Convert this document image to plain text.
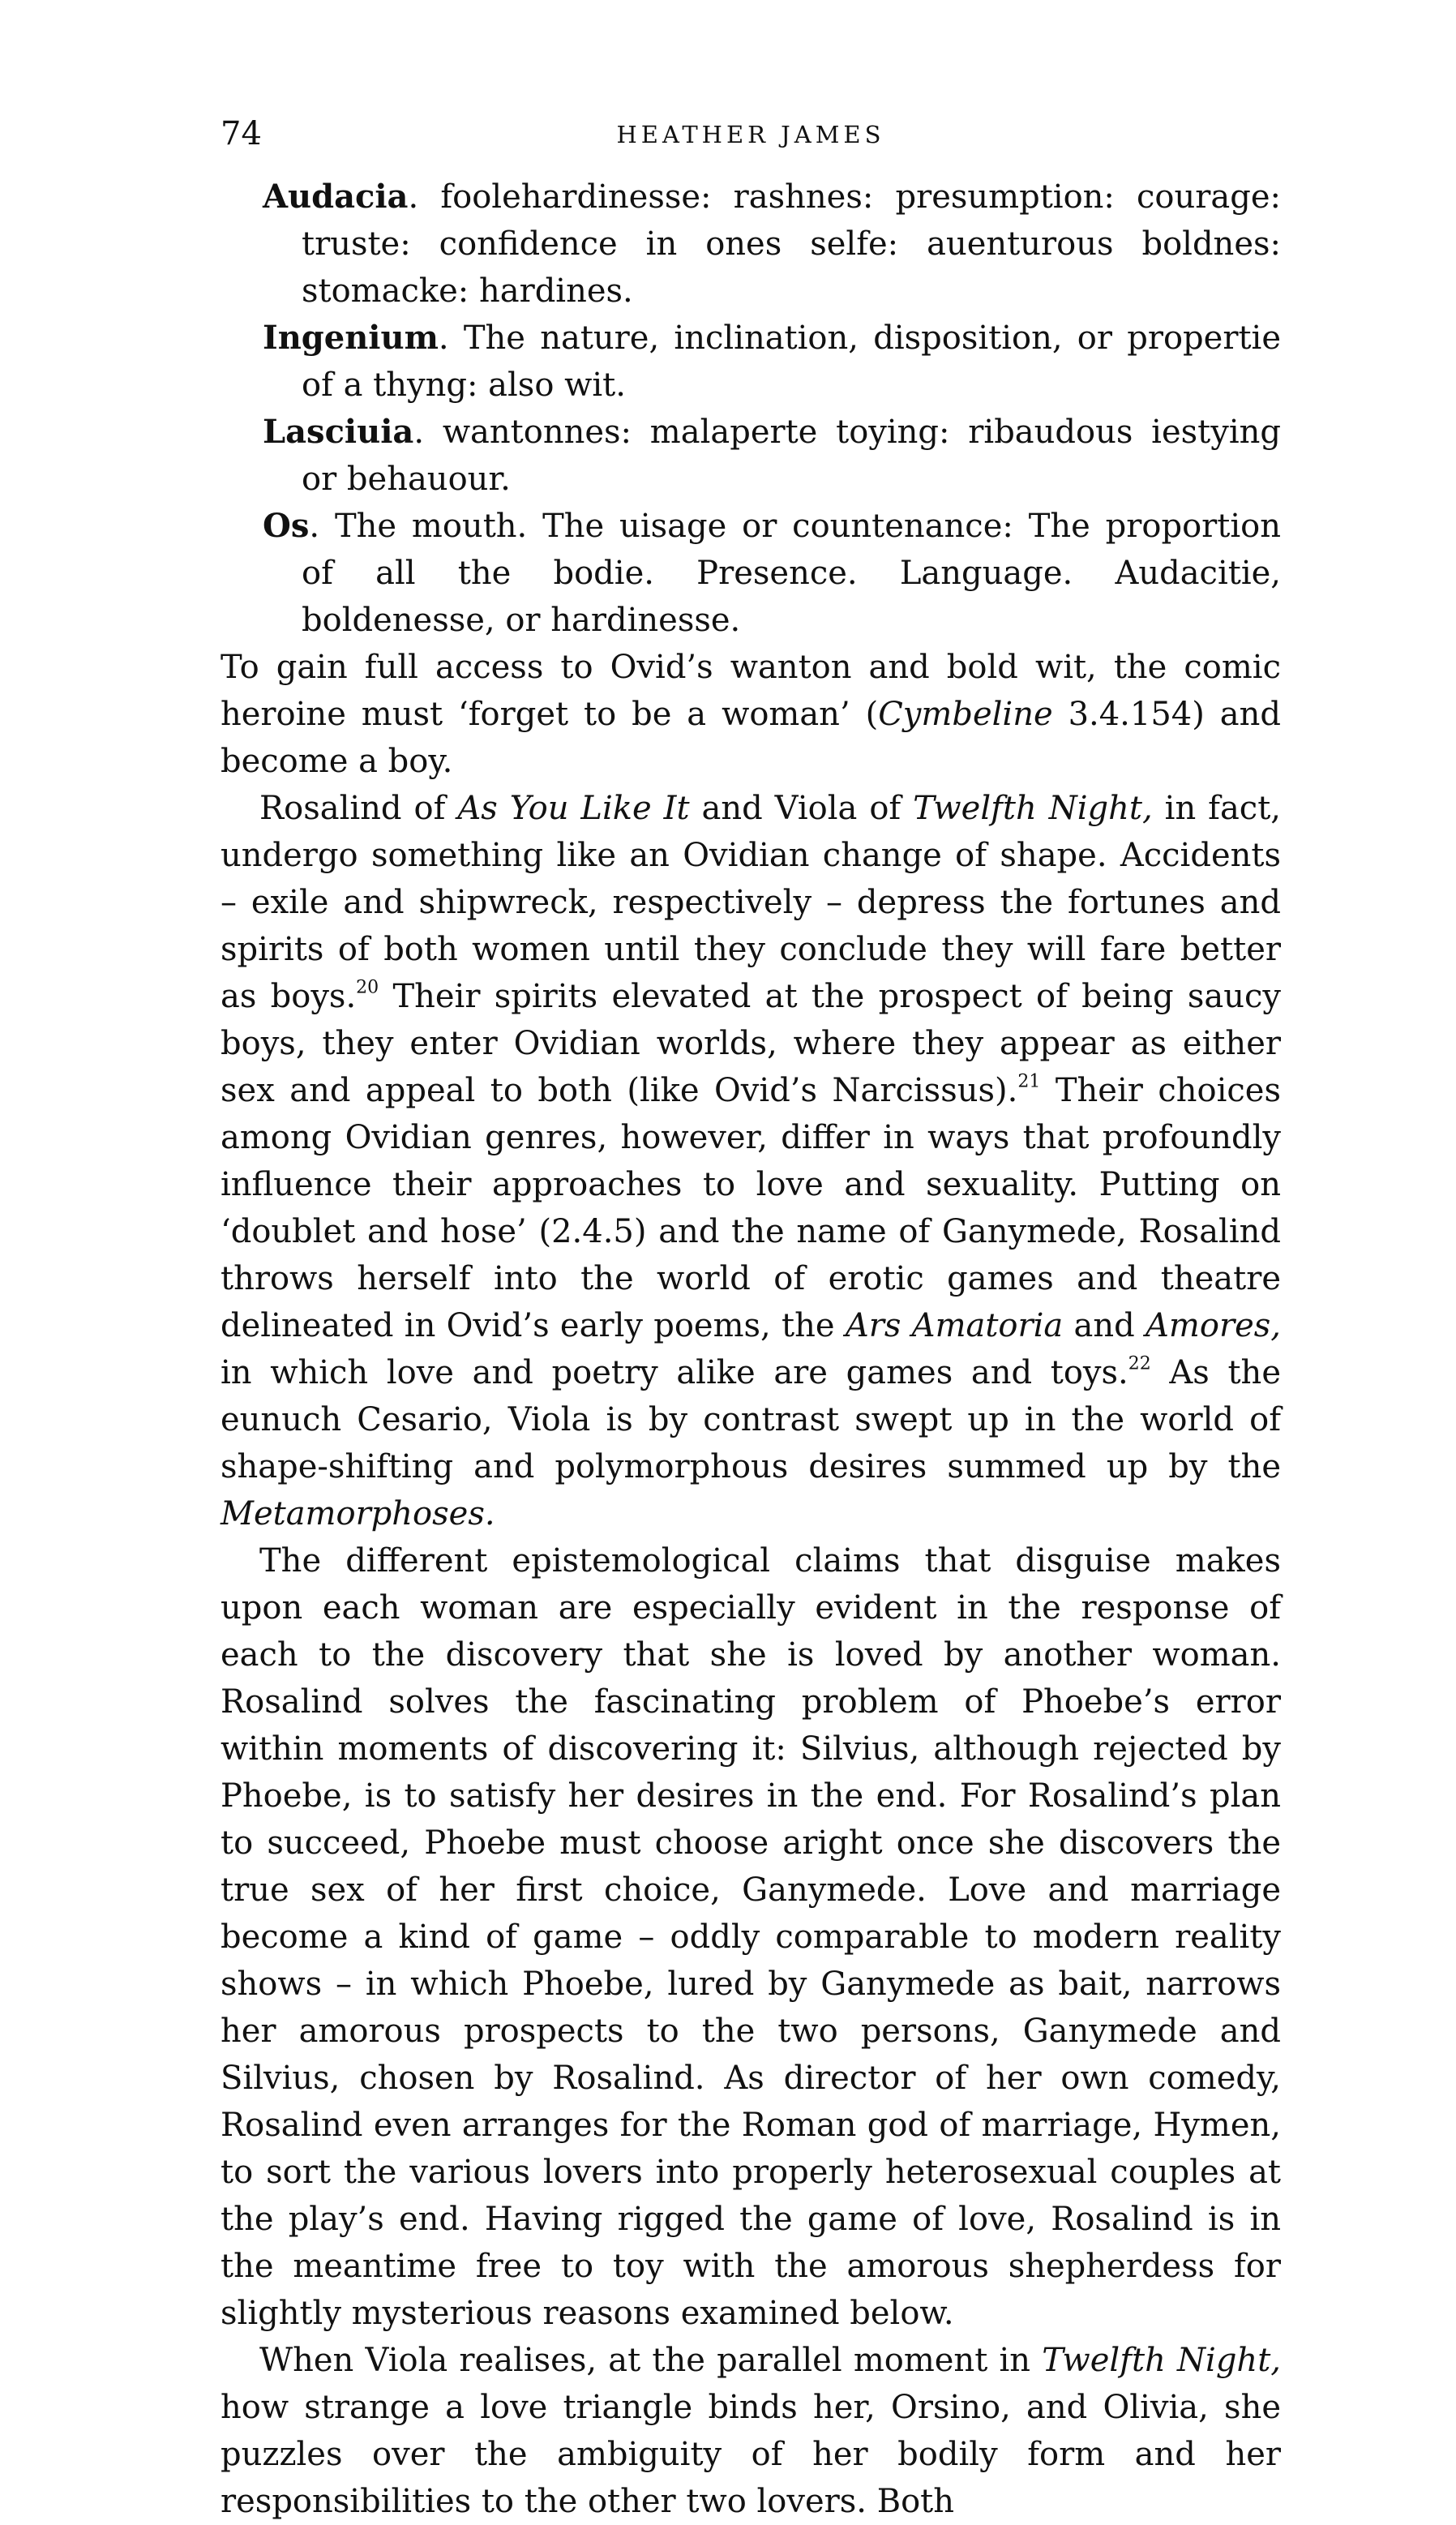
74	HEATHER JAMES

Audacia. foolehardinesse: rashnes: presumption: courage: truste: confidence in ones selfe: auenturous boldnes: stomacke: hardines.

Ingenium. The nature, inclination, disposition, or propertie of a thyng: also wit.

Lasciuia. wantonnes: malaperte toying: ribaudous iestying or behauour.

Os. The mouth. The uisage or countenance: The proportion of all the bodie. Presence. Language. Audacitie, boldenesse, or hardinesse.

To gain full access to Ovid’s wanton and bold wit, the comic heroine must ‘forget to be a woman’ (Cymbeline 3.4.154) and become a boy.

Rosalind of As You Like It and Viola of Twelfth Night, in fact, undergo something like an Ovidian change of shape. Accidents – exile and shipwreck, respectively – depress the fortunes and spirits of both women until they conclude they will fare better as boys.$^{20}$ Their spirits elevated at the prospect of being saucy boys, they enter Ovidian worlds, where they appear as either sex and appeal to both (like Ovid’s Narcissus).$^{21}$ Their choices among Ovidian genres, however, differ in ways that profoundly influence their approaches to love and sexuality. Putting on ‘doublet and hose’ (2.4.5) and the name of Ganymede, Rosalind throws herself into the world of erotic games and theatre delineated in Ovid’s early poems, the Ars Amatoria and Amores, in which love and poetry alike are games and toys.$^{22}$ As the eunuch Cesario, Viola is by contrast swept up in the world of shape-shifting and polymorphous desires summed up by the Metamorphoses.

The different epistemological claims that disguise makes upon each woman are especially evident in the response of each to the discovery that she is loved by another woman. Rosalind solves the fascinating problem of Phoebe’s error within moments of discovering it: Silvius, although rejected by Phoebe, is to satisfy her desires in the end. For Rosalind’s plan to succeed, Phoebe must choose aright once she discovers the true sex of her first choice, Ganymede. Love and marriage become a kind of game – oddly comparable to modern reality shows – in which Phoebe, lured by Ganymede as bait, narrows her amorous prospects to the two persons, Ganymede and Silvius, chosen by Rosalind. As director of her own comedy, Rosalind even arranges for the Roman god of marriage, Hymen, to sort the various lovers into properly heterosexual couples at the play’s end. Having rigged the game of love, Rosalind is in the meantime free to toy with the amorous shepherdess for slightly mysterious reasons examined below.

When Viola realises, at the parallel moment in Twelfth Night, how strange a love triangle binds her, Orsino, and Olivia, she puzzles over the ambiguity of her bodily form and her responsibilities to the other two lovers. Both
